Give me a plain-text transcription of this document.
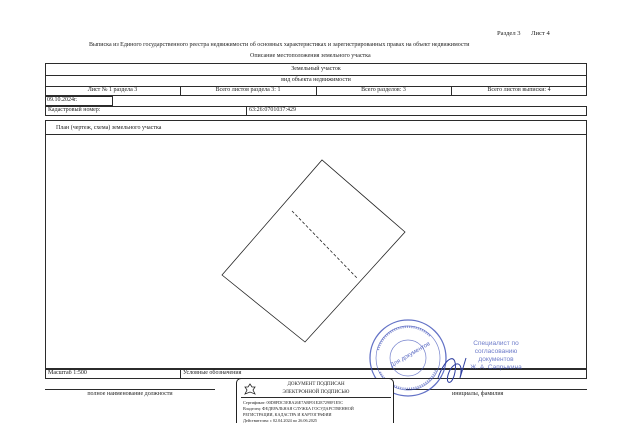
Раздел 3 Лист 4
Выписка из Единого государственного реестра недвижимости об основных характеристиках и зарегистрированных правах на объект недвижимости
Описание местоположения земельного участка
Земельный участок
вид объекта недвижимости
Лист № 1 раздела 3	Всего листов раздела 3: 1	Всего разделов: 3	Всего листов выписки: 4
09.10.2024г.
Кадастровый номер:	63:26:0701037:429
План (чертеж, схема) земельного участка
Масштаб 1:500	Условные обозначения
полное наименование должности	инициалы, фамилия
Для документов	Специалист по
согласованию
документов
Ж. А. Сапрыкина
ДОКУМЕНТ ПОДПИСАН
ЭЛЕКТРОННОЙ ПОДПИСЬЮ
Сертификат: 00D8FDC5EBA26E7ABF01E2E7298F1E5C
Владелец: ФЕДЕРАЛЬНАЯ СЛУЖБА ГОСУДАРСТВЕННОЙ
РЕГИСТРАЦИИ, КАДАСТРА И КАРТОГРАФИИ
Действителен: с 02.04.2024 по 26.06.2025
